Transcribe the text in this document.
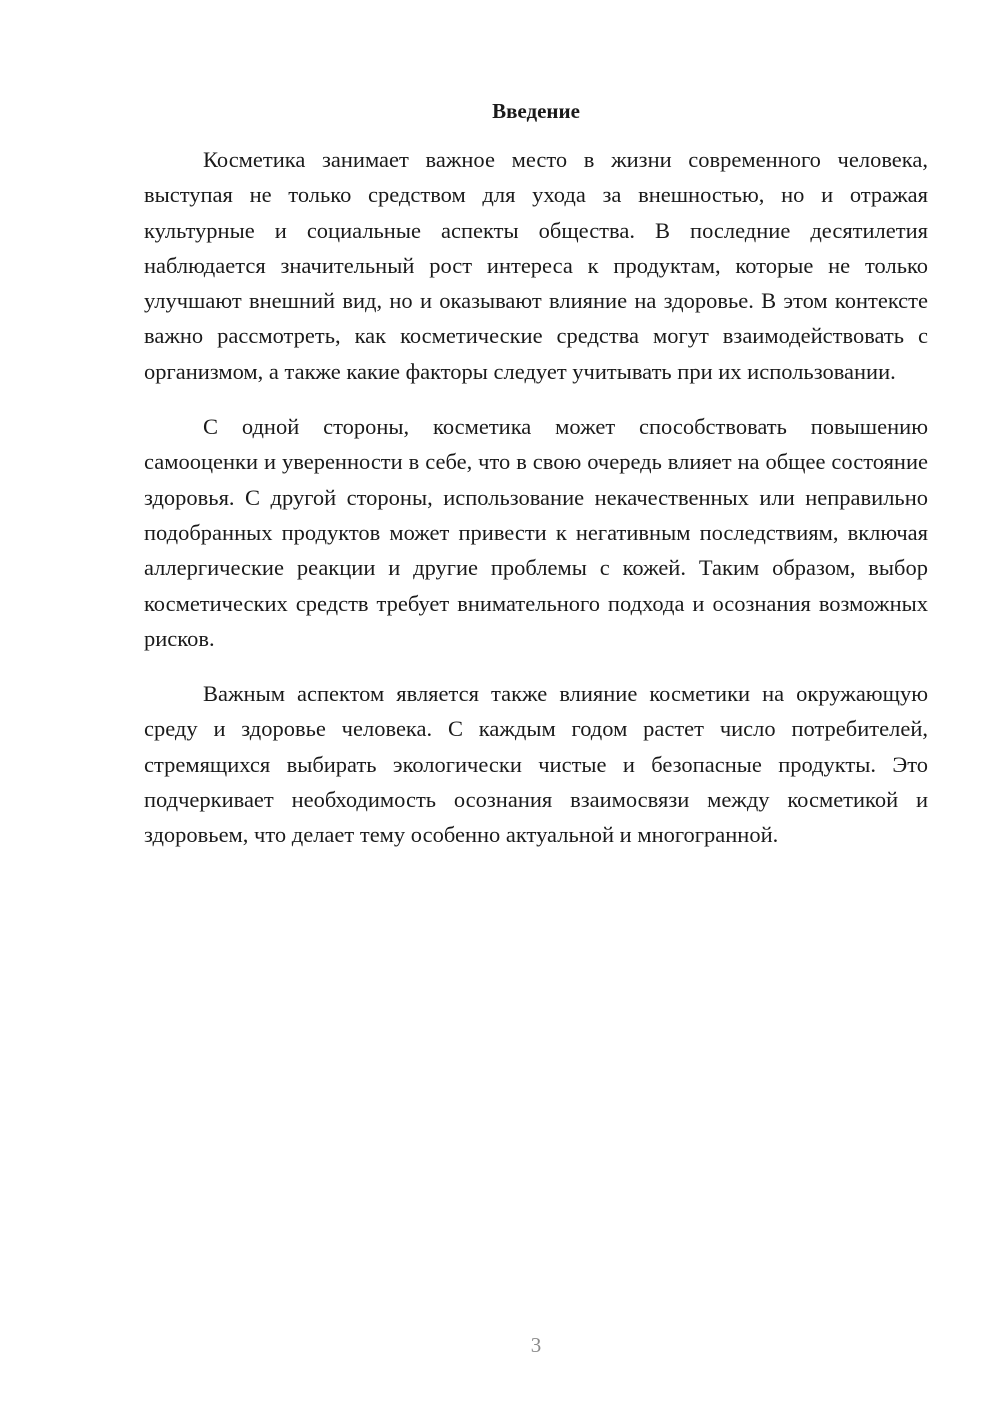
Введение

Косметика занимает важное место в жизни современного человека, выступая не только средством для ухода за внешностью, но и отражая культурные и социальные аспекты общества. В последние десятилетия наблюдается значительный рост интереса к продуктам, которые не только улучшают внешний вид, но и оказывают влияние на здоровье. В этом контексте важно рассмотреть, как косметические средства могут взаимодействовать с организмом, а также какие факторы следует учитывать при их использовании.

С одной стороны, косметика может способствовать повышению самооценки и уверенности в себе, что в свою очередь влияет на общее состояние здоровья. С другой стороны, использование некачественных или неправильно подобранных продуктов может привести к негативным последствиям, включая аллергические реакции и другие проблемы с кожей. Таким образом, выбор косметических средств требует внимательного подхода и осознания возможных рисков.

Важным аспектом является также влияние косметики на окружающую среду и здоровье человека. С каждым годом растет число потребителей, стремящихся выбирать экологически чистые и безопасные продукты. Это подчеркивает необходимость осознания взаимосвязи между косметикой и здоровьем, что делает тему особенно актуальной и многогранной.

3
